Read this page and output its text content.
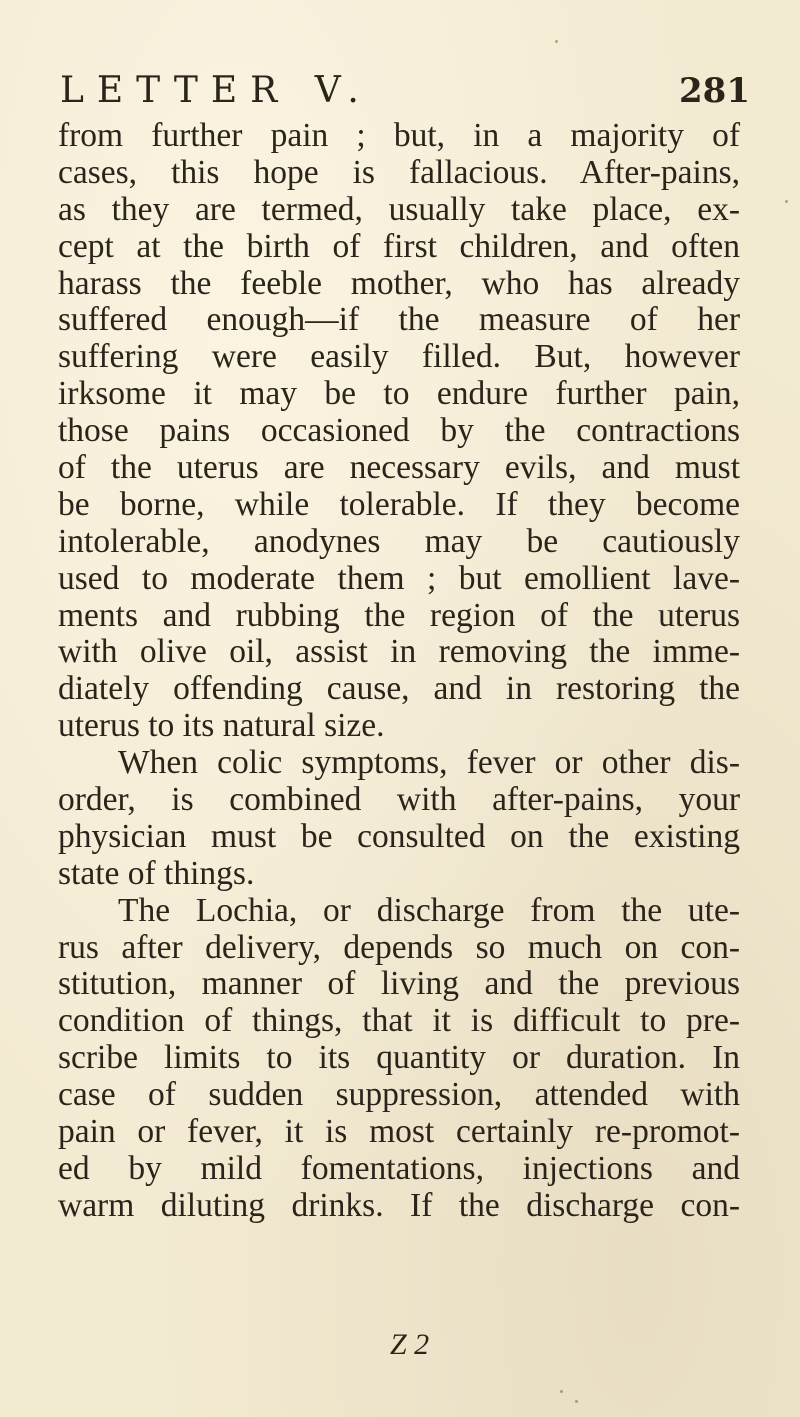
LETTER V.	281
from further pain ; but, in a majority of
cases, this hope is fallacious. After-pains,
as they are termed, usually take place, ex-
cept at the birth of first children, and often
harass the feeble mother, who has already
suffered enough—if the measure of her
suffering were easily filled. But, however
irksome it may be to endure further pain,
those pains occasioned by the contractions
of the uterus are necessary evils, and must
be borne, while tolerable. If they become
intolerable, anodynes may be cautiously
used to moderate them ; but emollient lave-
ments and rubbing the region of the uterus
with olive oil, assist in removing the imme-
diately offending cause, and in restoring the
uterus to its natural size.
When colic symptoms, fever or other dis-
order, is combined with after-pains, your
physician must be consulted on the existing
state of things.
The Lochia, or discharge from the ute-
rus after delivery, depends so much on con-
stitution, manner of living and the previous
condition of things, that it is difficult to pre-
scribe limits to its quantity or duration. In
case of sudden suppression, attended with
pain or fever, it is most certainly re-promot-
ed by mild fomentations, injections and
warm diluting drinks. If the discharge con-
Z 2
